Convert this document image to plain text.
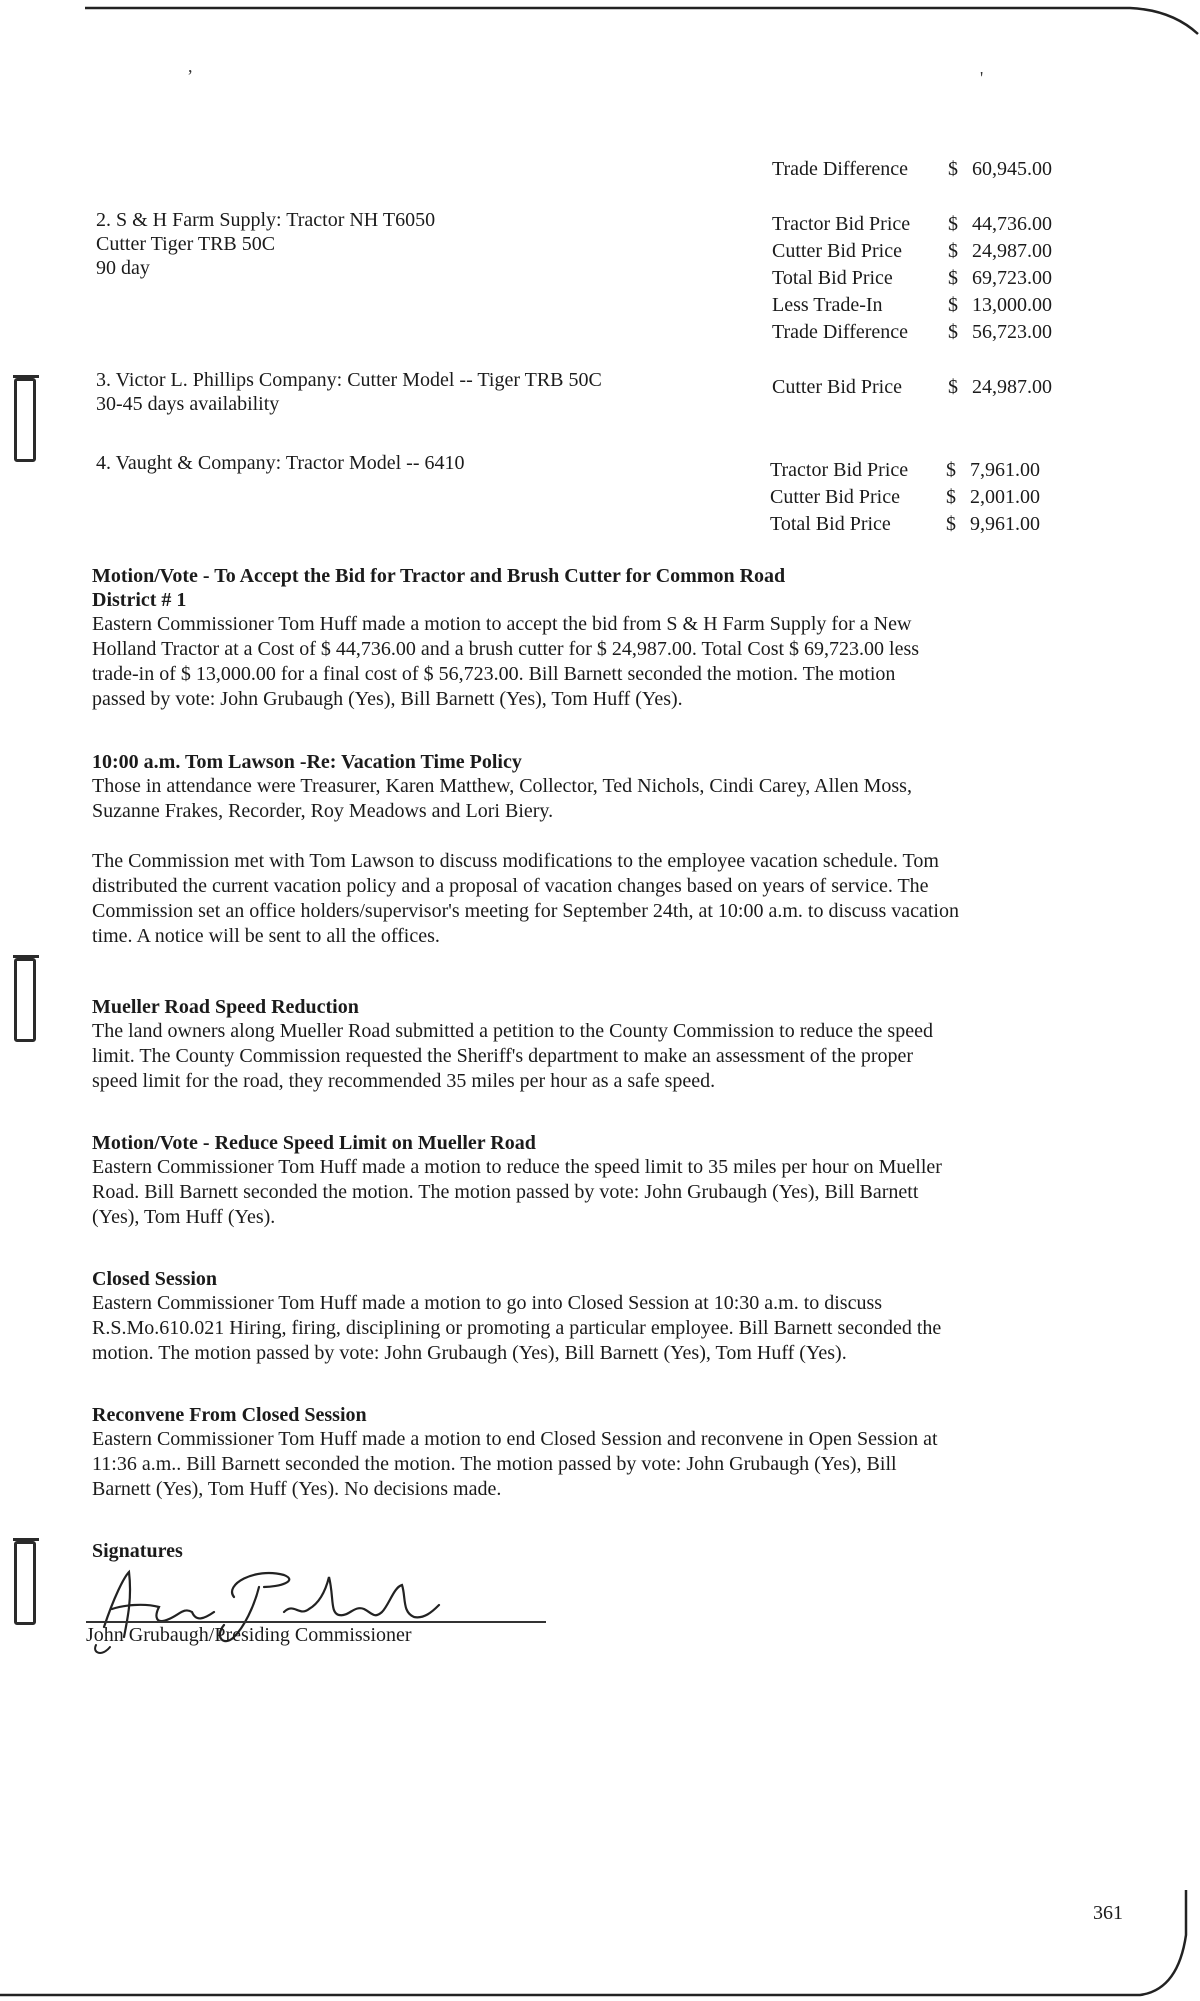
,
'
Trade Difference	$ 60,945.00
2. S & H Farm Supply: Tractor NH T6050
Cutter Tiger TRB 50C
90 day
Tractor Bid Price	$ 44,736.00
Cutter Bid Price	$ 24,987.00
Total Bid Price	$ 69,723.00
Less Trade-In	$ 13,000.00
Trade Difference	$ 56,723.00
3. Victor L. Phillips Company: Cutter Model -- Tiger TRB 50C
30-45 days availability
Cutter Bid Price	$ 24,987.00
4. Vaught & Company: Tractor Model -- 6410	Tractor Bid Price	$ 7,961.00
Cutter Bid Price	$ 2,001.00
Total Bid Price	$ 9,961.00
Motion/Vote - To Accept the Bid for Tractor and Brush Cutter for Common Road
District # 1
Eastern Commissioner Tom Huff made a motion to accept the bid from S & H Farm Supply for a New
Holland Tractor at a Cost of $ 44,736.00 and a brush cutter for $ 24,987.00. Total Cost $ 69,723.00 less
trade-in of $ 13,000.00 for a final cost of $ 56,723.00. Bill Barnett seconded the motion. The motion
passed by vote: John Grubaugh (Yes), Bill Barnett (Yes), Tom Huff (Yes).
10:00 a.m. Tom Lawson -Re: Vacation Time Policy
Those in attendance were Treasurer, Karen Matthew, Collector, Ted Nichols, Cindi Carey, Allen Moss,
Suzanne Frakes, Recorder, Roy Meadows and Lori Biery.
The Commission met with Tom Lawson to discuss modifications to the employee vacation schedule. Tom
distributed the current vacation policy and a proposal of vacation changes based on years of service. The
Commission set an office holders/supervisor's meeting for September 24th, at 10:00 a.m. to discuss vacation
time. A notice will be sent to all the offices.
Mueller Road Speed Reduction
The land owners along Mueller Road submitted a petition to the County Commission to reduce the speed
limit. The County Commission requested the Sheriff's department to make an assessment of the proper
speed limit for the road, they recommended 35 miles per hour as a safe speed.
Motion/Vote - Reduce Speed Limit on Mueller Road
Eastern Commissioner Tom Huff made a motion to reduce the speed limit to 35 miles per hour on Mueller
Road. Bill Barnett seconded the motion. The motion passed by vote: John Grubaugh (Yes), Bill Barnett
(Yes), Tom Huff (Yes).
Closed Session
Eastern Commissioner Tom Huff made a motion to go into Closed Session at 10:30 a.m. to discuss
R.S.Mo.610.021 Hiring, firing, disciplining or promoting a particular employee. Bill Barnett seconded the
motion. The motion passed by vote: John Grubaugh (Yes), Bill Barnett (Yes), Tom Huff (Yes).
Reconvene From Closed Session
Eastern Commissioner Tom Huff made a motion to end Closed Session and reconvene in Open Session at
11:36 a.m.. Bill Barnett seconded the motion. The motion passed by vote: John Grubaugh (Yes), Bill
Barnett (Yes), Tom Huff (Yes). No decisions made.
Signatures
John Grubaugh/Presiding Commissioner
361
